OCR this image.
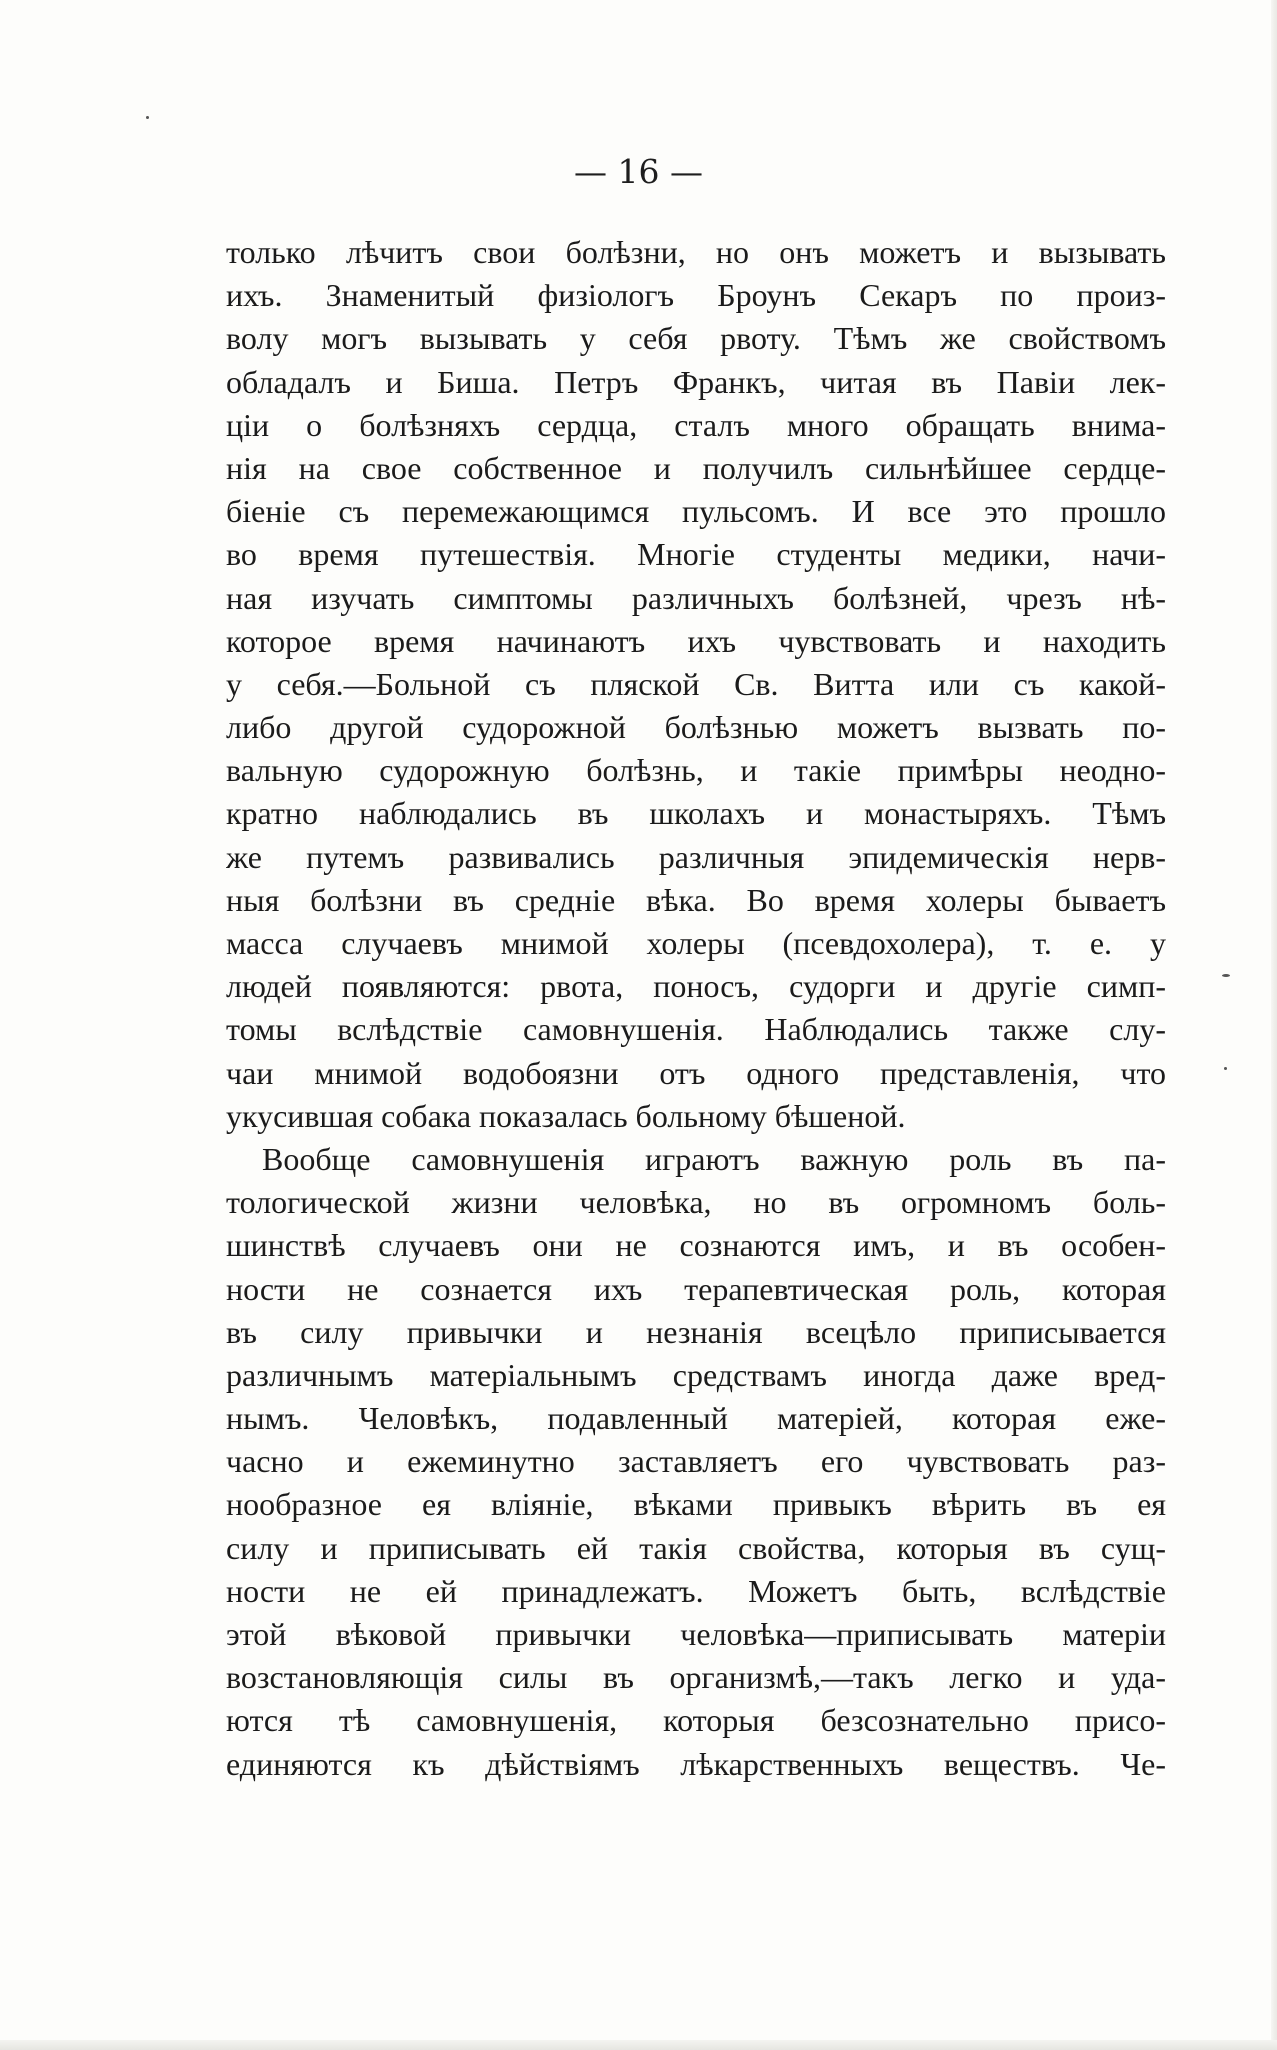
— 16 —

только лѣчитъ свои болѣзни, но онъ можетъ и вызывать
ихъ. Знаменитый физіологъ Броунъ Секаръ по произ-
волу могъ вызывать у себя рвоту. Тѣмъ же свойствомъ
обладалъ и Биша. Петръ Франкъ, читая въ Павіи лек-
ціи о болѣзняхъ сердца, сталъ много обращать внима-
нія на свое собственное и получилъ сильнѣйшее сердце-
біеніе съ перемежающимся пульсомъ. И все это прошло
во время путешествія. Многіе студенты медики, начи-
ная изучать симптомы различныхъ болѣзней, чрезъ нѣ-
которое время начинаютъ ихъ чувствовать и находить
у себя.—Больной съ пляской Св. Витта или съ какой-
либо другой судорожной болѣзнью можетъ вызвать по-
вальную судорожную болѣзнь, и такіе примѣры неодно-
кратно наблюдались въ школахъ и монастыряхъ. Тѣмъ
же путемъ развивались различныя эпидемическія нерв-
ныя болѣзни въ средніе вѣка. Во время холеры бываетъ
масса случаевъ мнимой холеры (псевдохолера), т. е. у
людей появляются: рвота, поносъ, судорги и другіе симп-
томы вслѣдствіе самовнушенія. Наблюдались также слу-
чаи мнимой водобоязни отъ одного представленія, что
укусившая собака показалась больному бѣшеной.
Вообще самовнушенія играютъ важную роль въ па-
тологической жизни человѣка, но въ огромномъ боль-
шинствѣ случаевъ они не сознаются имъ, и въ особен-
ности не сознается ихъ терапевтическая роль, которая
въ силу привычки и незнанія всецѣло приписывается
различнымъ матеріальнымъ средствамъ иногда даже вред-
нымъ. Человѣкъ, подавленный матеріей, которая еже-
часно и ежеминутно заставляетъ его чувствовать раз-
нообразное ея вліяніе, вѣками привыкъ вѣрить въ ея
силу и приписывать ей такія свойства, которыя въ сущ-
ности не ей принадлежатъ. Можетъ быть, вслѣдствіе
этой вѣковой привычки человѣка—приписывать матеріи
возстановляющія силы въ организмѣ,—такъ легко и уда-
ются тѣ самовнушенія, которыя безсознательно присо-
единяются къ дѣйствіямъ лѣкарственныхъ веществъ. Че-
